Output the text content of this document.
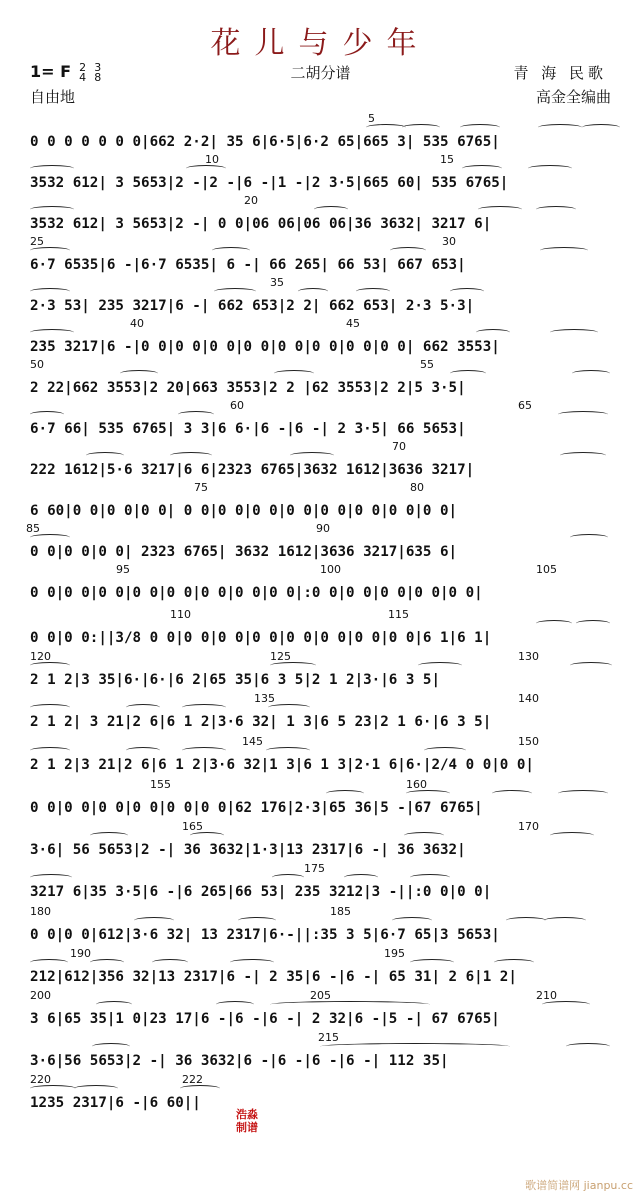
花儿与少年
1= F 2
4

3
8
自由地
二胡分谱	青 海 民歌
高金全编曲
0 0 0 0 0 0 0|662 2·2| 35 6|6·5|6·2 65|665 3| 535 6765|
5
3532 612| 3 5653|2 -|2 -|6 -|1 -|2 3·5|665 60| 535 6765|
10	15
3532 612| 3 5653|2 -| 0 0|06 06|06 06|36 3632| 3217 6|
20
6·7 6535|6 -|6·7 6535| 6 -| 66 265| 66 53| 667 653|
25	30
2·3 53| 235 3217|6 -| 662 653|2 2| 662 653| 2·3 5·3|
35
235 3217|6 -|0 0|0 0|0 0|0 0|0 0|0 0|0 0|0 0| 662 3553|
40	45
2 22|662 3553|2 20|663 3553|2 2 |62 3553|2 2|5 3·5|
50	55
6·7 66| 535 6765| 3 3|6 6·|6 -|6 -| 2 3·5| 66 5653|
60	65
222 1612|5·6 3217|6 6|2323 6765|3632 1612|3636 3217|
70
6 60|0 0|0 0|0 0| 0 0|0 0|0 0|0 0|0 0|0 0|0 0|0 0|
75	80
0 0|0 0|0 0| 2323 6765| 3632 1612|3636 3217|635 6|
85	90
0 0|0 0|0 0|0 0|0 0|0 0|0 0|0 0|:0 0|0 0|0 0|0 0|0 0|
95	100	105
0 0|0 0:||3/8 0 0|0 0|0 0|0 0|0 0|0 0|0 0|0 0|6 1|6 1|
110	115
2 1 2|3 35|6·|6·|6 2|65 35|6 3 5|2 1 2|3·|6 3 5|
120	125	130
2 1 2| 3 21|2 6|6 1 2|3·6 32| 1 3|6 5 23|2 1 6·|6 3 5|
135	140
2 1 2|3 21|2 6|6 1 2|3·6 32|1 3|6 1 3|2·1 6|6·|2/4 0 0|0 0|
145	150
0 0|0 0|0 0|0 0|0 0|0 0|62 176|2·3|65 36|5 -|67 6765|
155	160
3·6| 56 5653|2 -| 36 3632|1·3|13 2317|6 -| 36 3632|
165	170
3217 6|35 3·5|6 -|6 265|66 53| 235 3212|3 -||:0 0|0 0|
175
0 0|0 0|612|3·6 32| 13 2317|6·-||:35 3 5|6·7 65|3 5653|
180	185
212|612|356 32|13 2317|6 -| 2 35|6 -|6 -| 65 31| 2 6|1 2|
190	195
3 6|65 35|1 0|23 17|6 -|6 -|6 -| 2 32|6 -|5 -| 67 6765|
200	205	210
3·6|56 5653|2 -| 36 3632|6 -|6 -|6 -|6 -| 112 35|
215
1235 2317|6 -|6 60||
220	222
浩淼
制谱
歌谱简谱网 jianpu.cc
